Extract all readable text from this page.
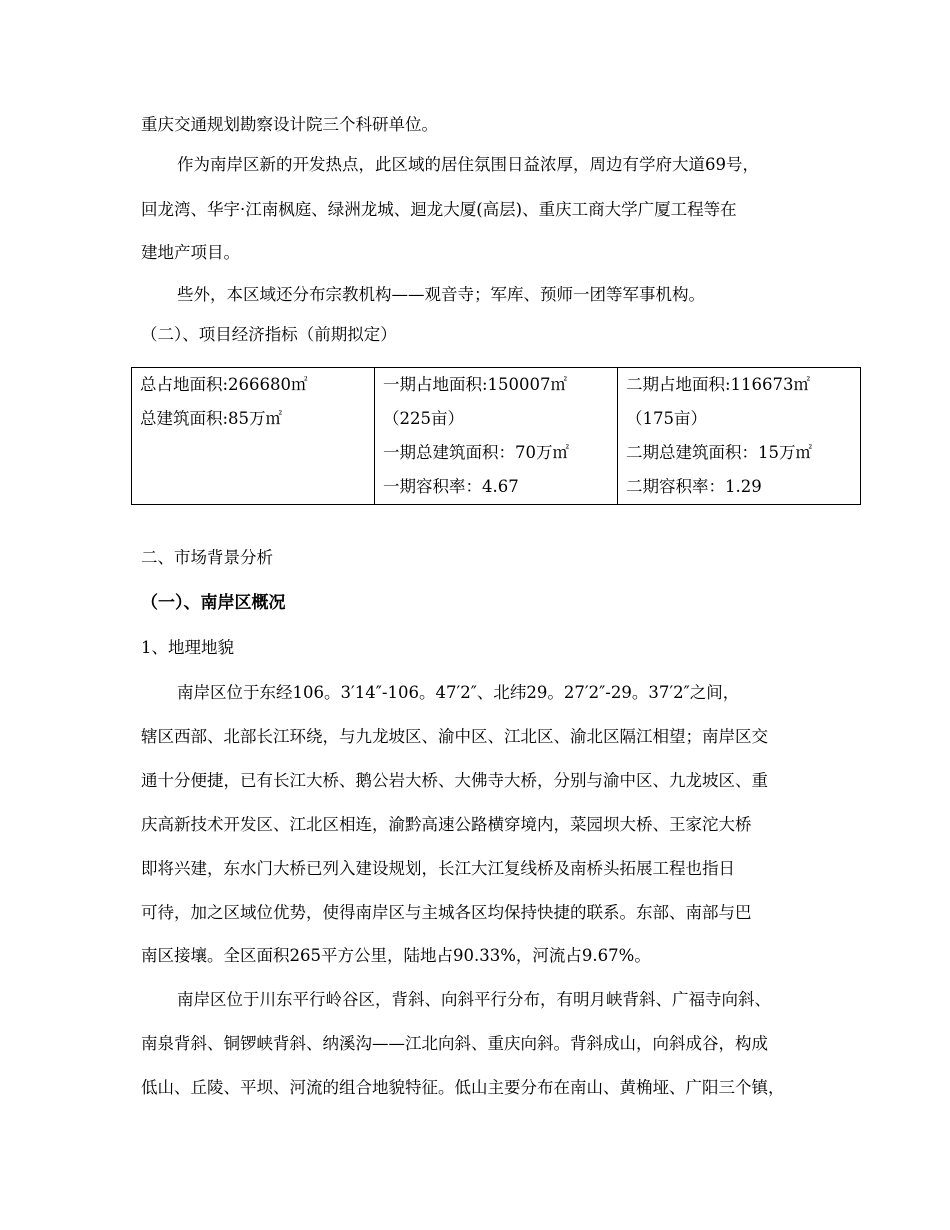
重庆交通规划勘察设计院三个科研单位。
作为南岸区新的开发热点，此区域的居住氛围日益浓厚，周边有学府大道69号，
回龙湾、华宇·江南枫庭、绿洲龙城、迴龙大厦(高层)、重庆工商大学广厦工程等在
建地产项目。
些外，本区域还分布宗教机构——观音寺；军库、预师一团等军事机构。
（二）、项目经济指标（前期拟定）
总占地面积:266680㎡
总建筑面积:85万㎡

一期占地面积:150007㎡
（225亩）
一期总建筑面积：70万㎡
一期容积率：4.67

二期占地面积:116673㎡
（175亩）
二期总建筑面积：15万㎡
二期容积率：1.29
二、市场背景分析
（一）、南岸区概况
1、地理地貌
南岸区位于东经106。3′14″-106。47′2″、北纬29。27′2″-29。37′2″之间，
辖区西部、北部长江环绕，与九龙坡区、渝中区、江北区、渝北区隔江相望；南岸区交
通十分便捷，已有长江大桥、鹅公岩大桥、大佛寺大桥，分别与渝中区、九龙坡区、重
庆高新技术开发区、江北区相连，渝黔高速公路横穿境内，菜园坝大桥、王家沱大桥
即将兴建，东水门大桥已列入建设规划，长江大江复线桥及南桥头拓展工程也指日
可待，加之区域位优势，使得南岸区与主城各区均保持快捷的联系。东部、南部与巴
南区接壤。全区面积265平方公里，陆地占90.33%，河流占9.67%。
南岸区位于川东平行岭谷区，背斜、向斜平行分布，有明月峡背斜、广福寺向斜、
南泉背斜、铜锣峡背斜、纳溪沟——江北向斜、重庆向斜。背斜成山，向斜成谷，构成
低山、丘陵、平坝、河流的组合地貌特征。低山主要分布在南山、黄桷垭、广阳三个镇，
